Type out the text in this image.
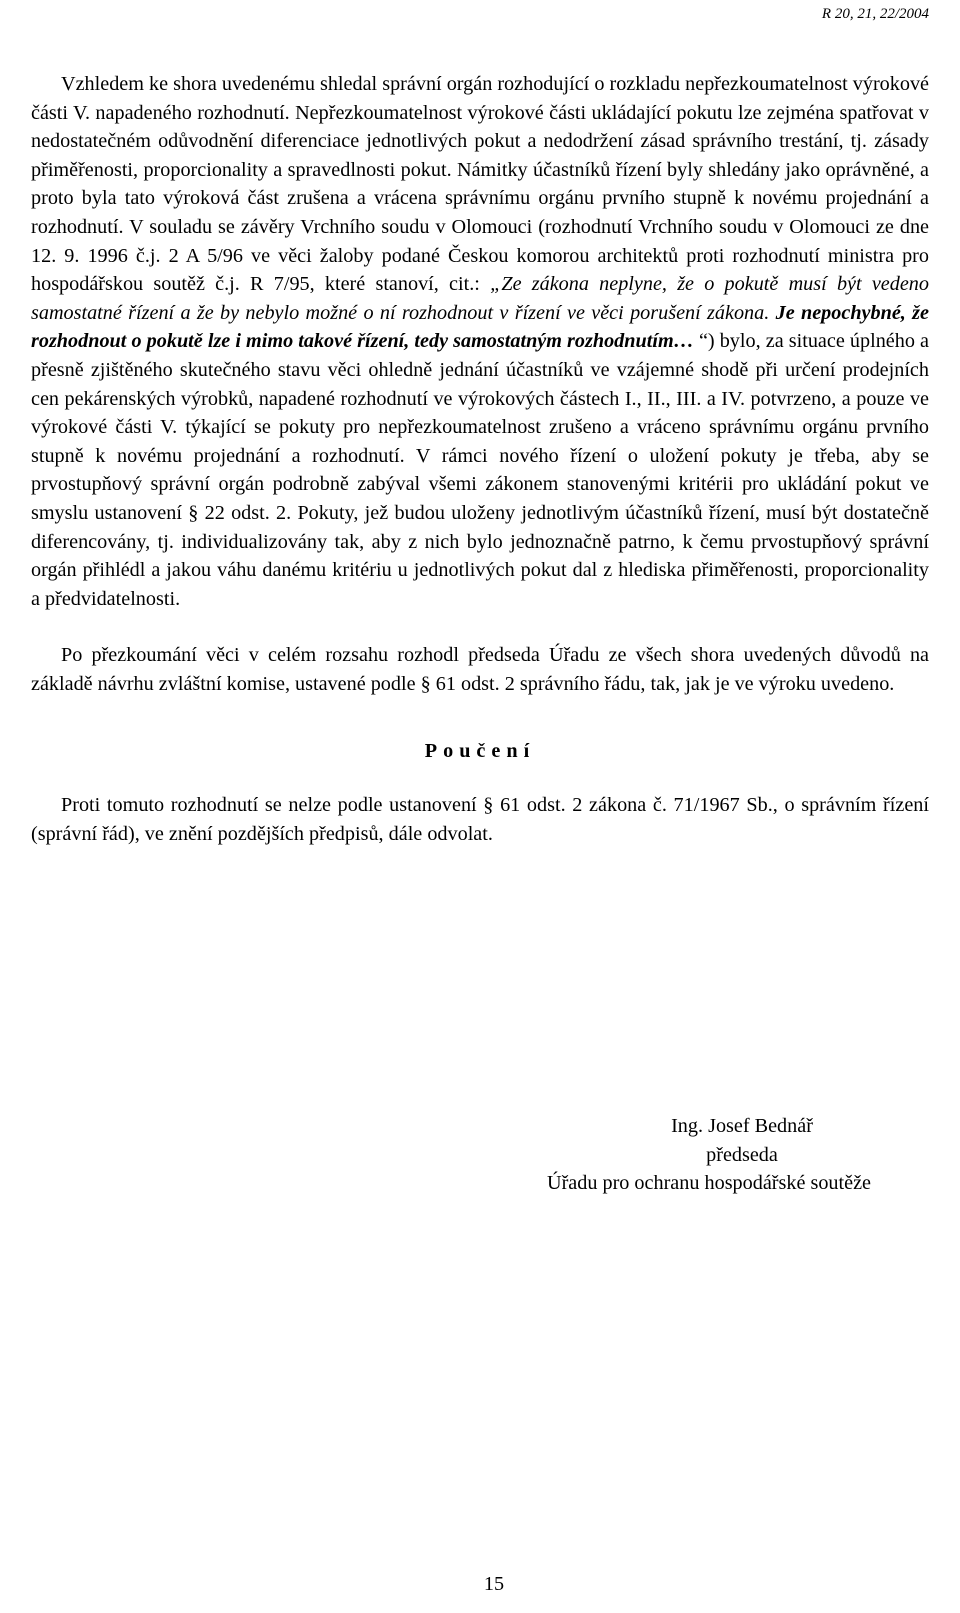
R 20, 21, 22/2004

Vzhledem ke shora uvedenému shledal správní orgán rozhodující o rozkladu nepřezkoumatelnost výrokové části V. napadeného rozhodnutí. Nepřezkoumatelnost výrokové části ukládající pokutu lze zejména spatřovat v nedostatečném odůvodnění diferenciace jednotlivých pokut a nedodržení zásad správního trestání, tj. zásady přiměřenosti, proporcionality a spravedlnosti pokut. Námitky účastníků řízení byly shledány jako oprávněné, a proto byla tato výroková část zrušena a vrácena správnímu orgánu prvního stupně k novému projednání a rozhodnutí. V souladu se závěry Vrchního soudu v Olomouci (rozhodnutí Vrchního soudu v Olomouci ze dne 12. 9. 1996 č.j. 2 A 5/96 ve věci žaloby podané Českou komorou architektů proti rozhodnutí ministra pro hospodářskou soutěž č.j. R 7/95, které stanoví, cit.: „Ze zákona neplyne, že o pokutě musí být vedeno samostatné řízení a že by nebylo možné o ní rozhodnout v řízení ve věci porušení zákona. Je nepochybné, že rozhodnout o pokutě lze i mimo takové řízení, tedy samostatným rozhodnutím… “) bylo, za situace úplného a přesně zjištěného skutečného stavu věci ohledně jednání účastníků ve vzájemné shodě při určení prodejních cen pekárenských výrobků, napadené rozhodnutí ve výrokových částech I., II., III. a IV. potvrzeno, a pouze ve výrokové části V. týkající se pokuty pro nepřezkoumatelnost zrušeno a vráceno správnímu orgánu prvního stupně k novému projednání a rozhodnutí. V rámci nového řízení o uložení pokuty je třeba, aby se prvostupňový správní orgán podrobně zabýval všemi zákonem stanovenými kritérii pro ukládání pokut ve smyslu ustanovení § 22 odst. 2. Pokuty, jež budou uloženy jednotlivým účastníků řízení, musí být dostatečně diferencovány, tj. individualizovány tak, aby z nich bylo jednoznačně patrno, k čemu prvostupňový správní orgán přihlédl a jakou váhu danému kritériu u jednotlivých pokut dal z hlediska přiměřenosti, proporcionality a předvidatelnosti.

Po přezkoumání věci v celém rozsahu rozhodl předseda Úřadu ze všech shora uvedených důvodů na základě návrhu zvláštní komise, ustavené podle § 61 odst. 2 správního řádu, tak, jak je ve výroku uvedeno.

Poučení

Proti tomuto rozhodnutí se nelze podle ustanovení § 61 odst. 2 zákona č. 71/1967 Sb., o správním řízení (správní řád), ve znění pozdějších předpisů, dále odvolat.

Ing. Josef Bednář
předseda
Úřadu pro ochranu hospodářské soutěže
15
